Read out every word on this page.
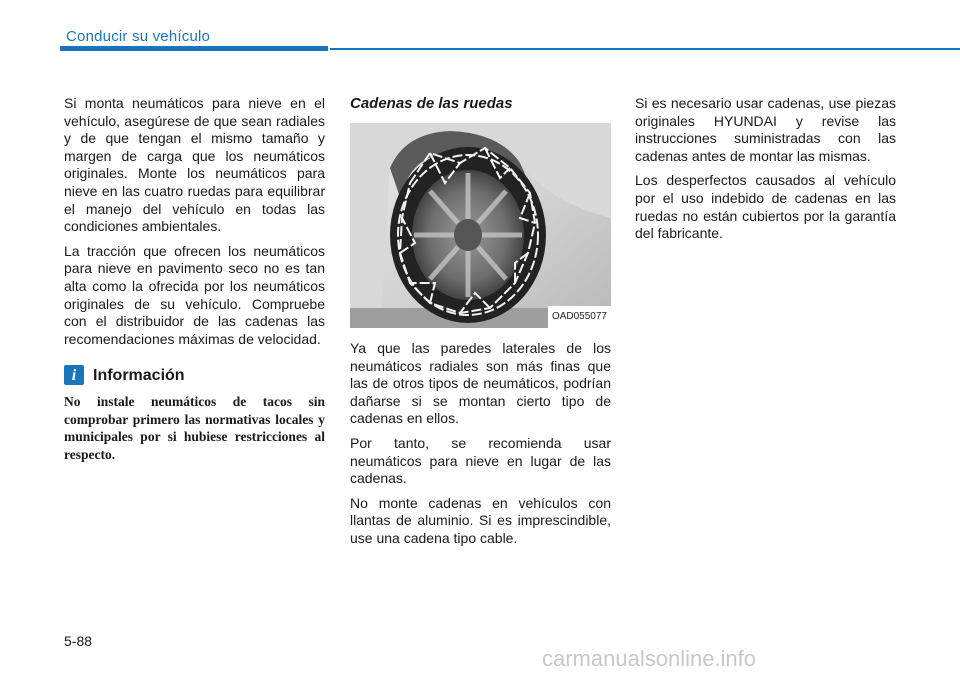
Conducir su vehículo

Si monta neumáticos para nieve en el vehículo, asegúrese de que sean radiales y de que tengan el mismo tamaño y margen de carga que los neumáticos originales. Monte los neumáticos para nieve en las cuatro ruedas para equilibrar el manejo del vehículo en todas las condiciones ambientales.

La tracción que ofrecen los neumáticos para nieve en pavimento seco no es tan alta como la ofrecida por los neumáticos originales de su vehículo. Compruebe con el distribuidor de las cadenas las recomendaciones máximas de velocidad.

i	Información

No instale neumáticos de tacos sin comprobar primero las normativas locales y municipales por si hubiese restricciones al respecto.

Cadenas de las ruedas
OAD055077

Ya que las paredes laterales de los neumáticos radiales son más finas que las de otros tipos de neumáticos, podrían dañarse si se montan cierto tipo de cadenas en ellos.

Por tanto, se recomienda usar neumáticos para nieve en lugar de las cadenas.

No monte cadenas en vehículos con llantas de aluminio. Si es imprescindible, use una cadena tipo cable.

Si es necesario usar cadenas, use piezas originales HYUNDAI y revise las instrucciones suministradas con las cadenas antes de montar las mismas.

Los desperfectos causados al vehículo por el uso indebido de cadenas en las ruedas no están cubiertos por la garantía del fabricante.

5-88
carmanualsonline.info
